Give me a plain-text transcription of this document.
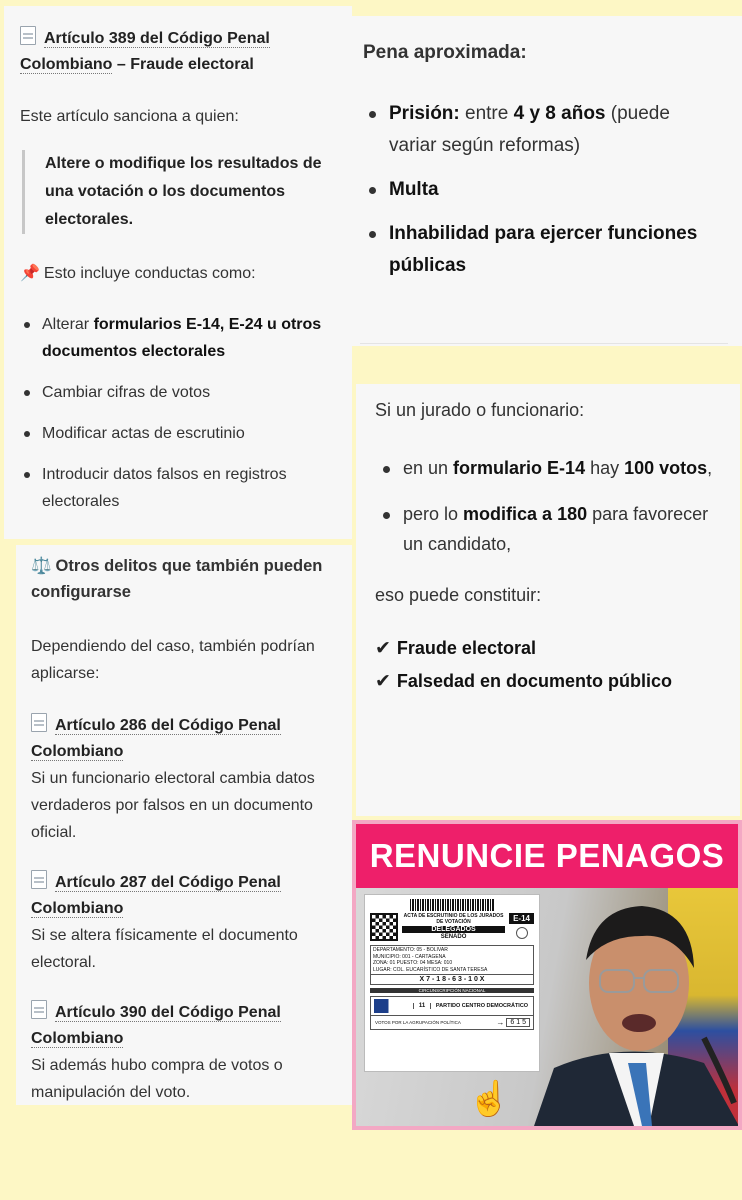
Artículo 389 del Código Penal
Colombiano – Fraude electoral

Este artículo sanciona a quien:

Altere o modifique los resultados de una votación o los documentos electorales.

📌 Esto incluye conductas como:

Alterar formularios E-14, E-24 u otros documentos electorales
Cambiar cifras de votos
Modificar actas de escrutinio
Introducir datos falsos en registros electorales

Pena aproximada:

Prisión: entre 4 y 8 años (puede variar según reformas)
Multa
Inhabilidad para ejercer funciones públicas

Si un jurado o funcionario:

en un formulario E-14 hay 100 votos,
pero lo modifica a 180 para favorecer un candidato,

eso puede constituir:

✔ Fraude electoral
✔ Falsedad en documento público
⚖️ Otros delitos que también pueden configurarse

Dependiendo del caso, también podrían aplicarse:

Artículo 286 del Código Penal
Colombiano

Si un funcionario electoral cambia datos verdaderos por falsos en un documento oficial.

Artículo 287 del Código Penal
Colombiano

Si se altera físicamente el documento electoral.

Artículo 390 del Código Penal
Colombiano

Si además hubo compra de votos o manipulación del voto.

RENUNCIE PENAGOS
ACTA DE ESCRUTINIO DE LOS JURADOS DE VOTACIÓN
DELEGADOS
SENADO
E-14
DEPARTAMENTO: 05 - BOLIVAR
MUNICIPIO: 001 - CARTAGENA
ZONA: 01 PUESTO: 04 MESA: 010
LUGAR: COL. EUCARÍSTICO DE SANTA TERESA
X 7 - 1 8 - 6 3 - 1 0 X
CIRCUNSCRIPCIÓN NACIONAL
11	PARTIDO CENTRO DEMOCRÁTICO
VOTOS POR LA AGRUPACIÓN POLÍTICA	→ 6 1 5
☝️
